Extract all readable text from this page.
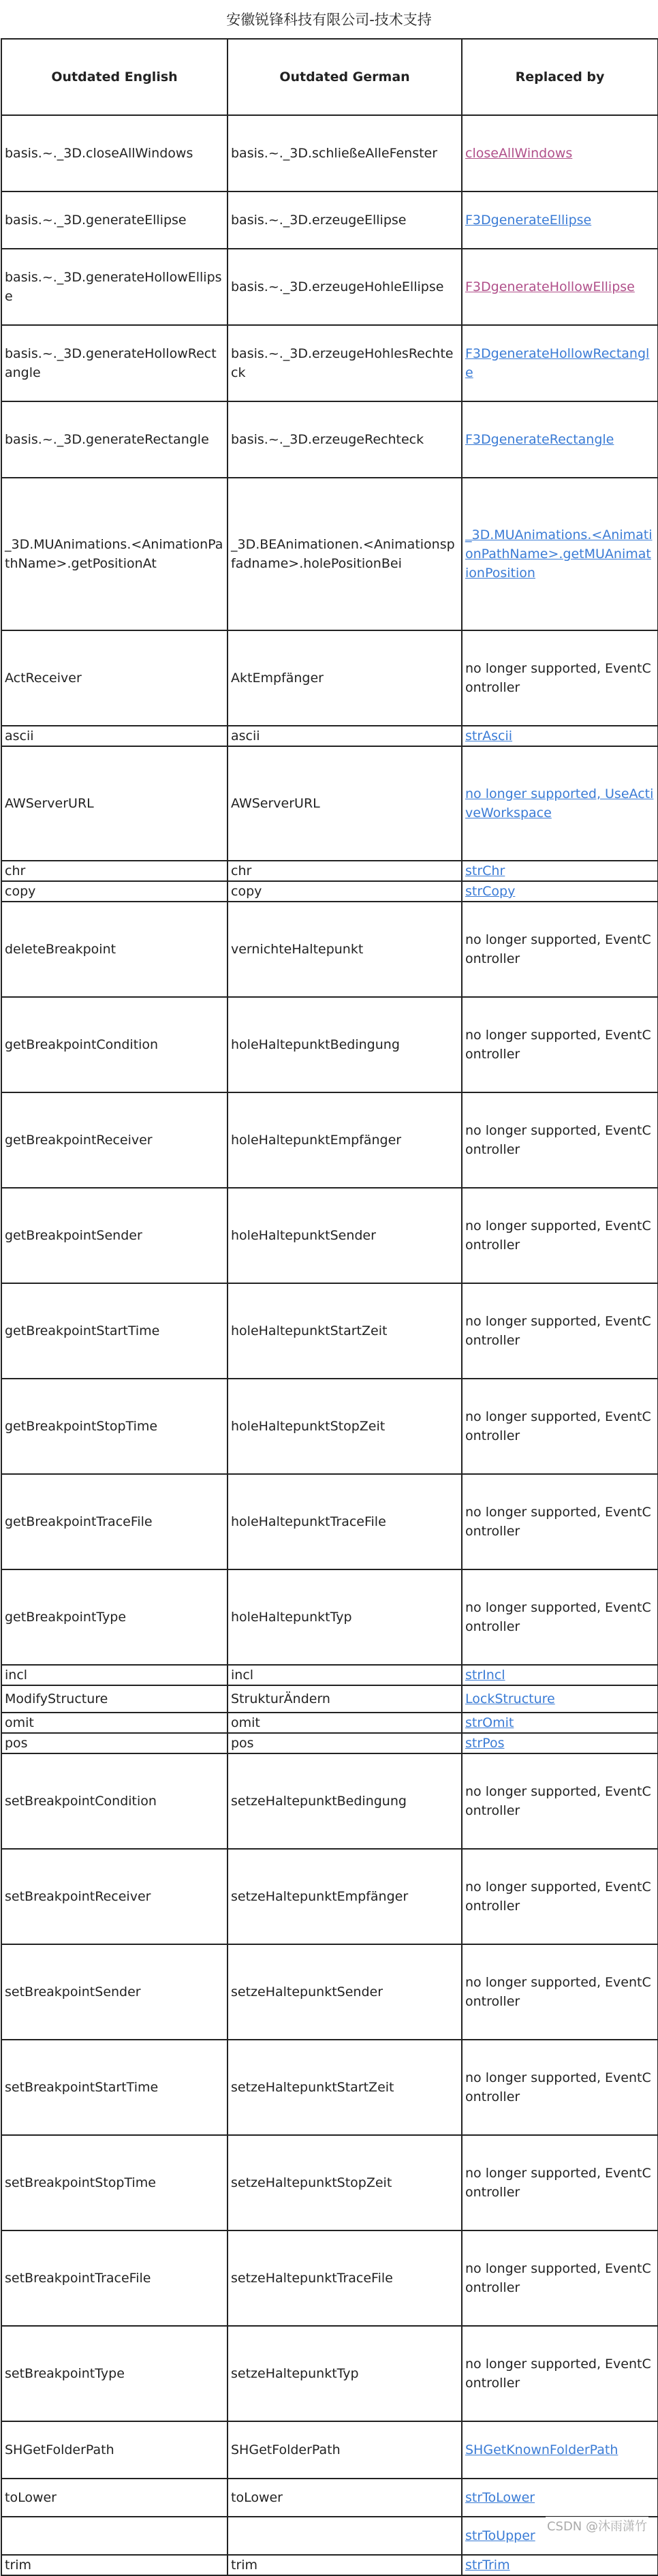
安徽锐锋科技有限公司-技术支持
Outdated English	Outdated German	Replaced by
basis.~._3D.closeAllWindows	basis.~._3D.schließeAlleFenster	closeAllWindows
basis.~._3D.generateEllipse	basis.~._3D.erzeugeEllipse	F3DgenerateEllipse
basis.~._3D.generateHollowEllipse	basis.~._3D.erzeugeHohleEllipse	F3DgenerateHollowEllipse
basis.~._3D.generateHollowRectangle	basis.~._3D.erzeugeHohlesRechteck	F3DgenerateHollowRectangle
basis.~._3D.generateRectangle	basis.~._3D.erzeugeRechteck	F3DgenerateRectangle
_3D.MUAnimations.<AnimationPathName>.getPositionAt	_3D.BEAnimationen.<Animationspfadname>.holePositionBei	_3D.MUAnimations.<AnimationPathName>.getMUAnimationPosition
ActReceiver	AktEmpfänger	no longer supported, EventController
ascii	ascii	strAscii
AWServerURL	AWServerURL	no longer supported, UseActiveWorkspace
chr	chr	strChr
copy	copy	strCopy
deleteBreakpoint	vernichteHaltepunkt	no longer supported, EventController
getBreakpointCondition	holeHaltepunktBedingung	no longer supported, EventController
getBreakpointReceiver	holeHaltepunktEmpfänger	no longer supported, EventController
getBreakpointSender	holeHaltepunktSender	no longer supported, EventController
getBreakpointStartTime	holeHaltepunktStartZeit	no longer supported, EventController
getBreakpointStopTime	holeHaltepunktStopZeit	no longer supported, EventController
getBreakpointTraceFile	holeHaltepunktTraceFile	no longer supported, EventController
getBreakpointType	holeHaltepunktTyp	no longer supported, EventController
incl	incl	strIncl
ModifyStructure	StrukturÄndern	LockStructure
omit	omit	strOmit
pos	pos	strPos
setBreakpointCondition	setzeHaltepunktBedingung	no longer supported, EventController
setBreakpointReceiver	setzeHaltepunktEmpfänger	no longer supported, EventController
setBreakpointSender	setzeHaltepunktSender	no longer supported, EventController
setBreakpointStartTime	setzeHaltepunktStartZeit	no longer supported, EventController
setBreakpointStopTime	setzeHaltepunktStopZeit	no longer supported, EventController
setBreakpointTraceFile	setzeHaltepunktTraceFile	no longer supported, EventController
setBreakpointType	setzeHaltepunktTyp	no longer supported, EventController
SHGetFolderPath	SHGetFolderPath	SHGetKnownFolderPath
toLower	toLower	strToLower
		strToUpper
trim	trim	strTrim
CSDN @沐雨潇竹
